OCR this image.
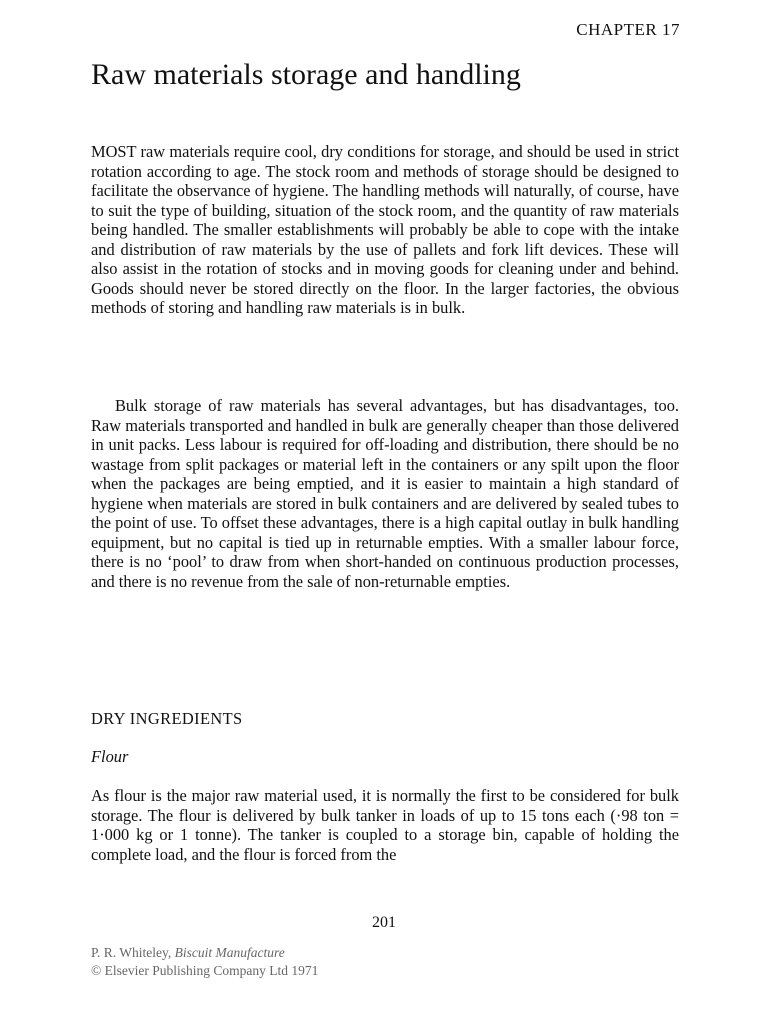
CHAPTER 17
Raw materials storage and handling

MOST raw materials require cool, dry conditions for storage, and should be used in strict rotation according to age. The stock room and methods of storage should be designed to facilitate the observance of hygiene. The handling methods will naturally, of course, have to suit the type of building, situation of the stock room, and the quantity of raw materials being handled. The smaller establishments will probably be able to cope with the intake and distribution of raw materials by the use of pallets and fork lift devices. These will also assist in the rotation of stocks and in moving goods for cleaning under and behind. Goods should never be stored directly on the floor. In the larger factories, the obvious methods of storing and handling raw materials is in bulk.

Bulk storage of raw materials has several advantages, but has disadvantages, too. Raw materials transported and handled in bulk are generally cheaper than those delivered in unit packs. Less labour is required for off-loading and distribution, there should be no wastage from split packages or material left in the containers or any spilt upon the floor when the packages are being emptied, and it is easier to maintain a high standard of hygiene when materials are stored in bulk containers and are delivered by sealed tubes to the point of use. To offset these advantages, there is a high capital outlay in bulk handling equipment, but no capital is tied up in returnable empties. With a smaller labour force, there is no ‘pool’ to draw from when short-handed on continuous production processes, and there is no revenue from the sale of non-returnable empties.

DRY INGREDIENTS
Flour

As flour is the major raw material used, it is normally the first to be considered for bulk storage. The flour is delivered by bulk tanker in loads of up to 15 tons each (·98 ton = 1·000 kg or 1 tonne). The tanker is coupled to a storage bin, capable of holding the complete load, and the flour is forced from the

201
P. R. Whiteley, Biscuit Manufacture
© Elsevier Publishing Company Ltd 1971
